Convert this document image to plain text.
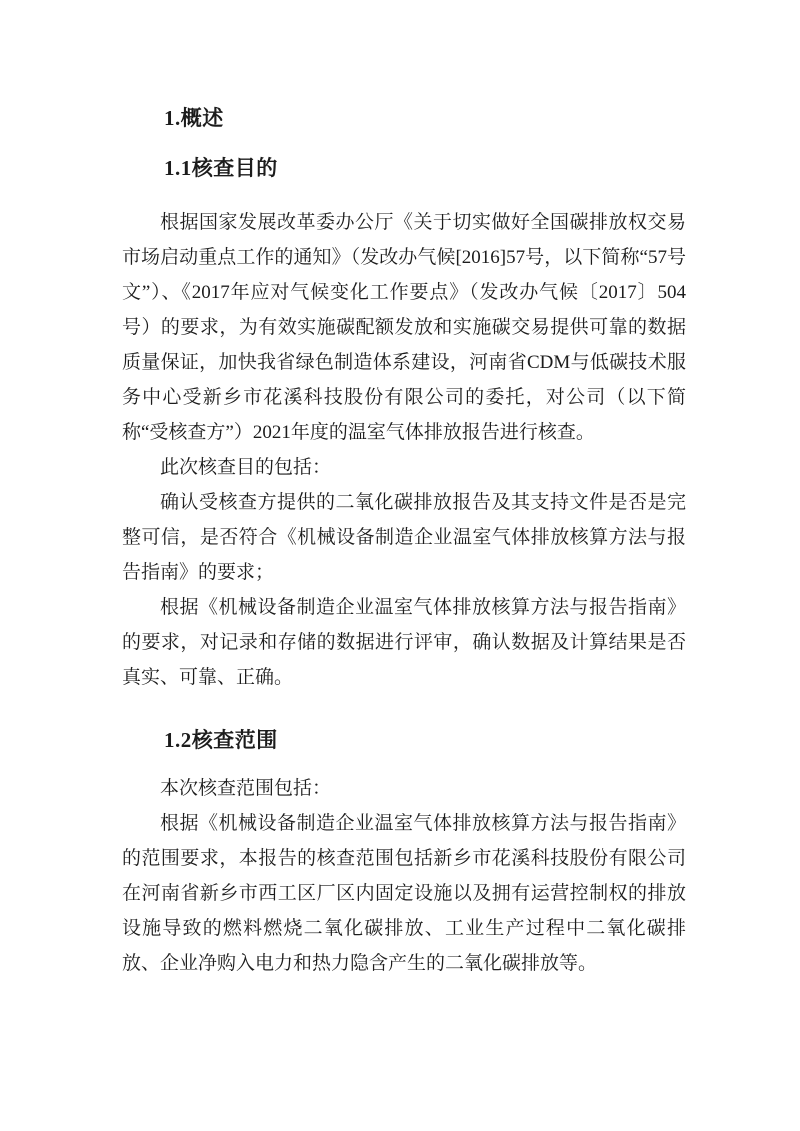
1.概述
1.1核查目的

根据国家发展改革委办公厅《关于切实做好全国碳排放权交易市场启动重点工作的通知》（发改办气候[2016]57号，以下简称“57号文”）、《2017年应对气候变化工作要点》（发改办气候〔2017〕504号）的要求，为有效实施碳配额发放和实施碳交易提供可靠的数据质量保证，加快我省绿色制造体系建设，河南省CDM与低碳技术服务中心受新乡市花溪科技股份有限公司的委托，对公司（以下简称“受核查方”）2021年度的温室气体排放报告进行核查。

此次核查目的包括：

确认受核查方提供的二氧化碳排放报告及其支持文件是否是完整可信，是否符合《机械设备制造企业温室气体排放核算方法与报告指南》的要求；

根据《机械设备制造企业温室气体排放核算方法与报告指南》的要求，对记录和存储的数据进行评审，确认数据及计算结果是否真实、可靠、正确。

1.2核查范围

本次核查范围包括：

根据《机械设备制造企业温室气体排放核算方法与报告指南》的范围要求，本报告的核查范围包括新乡市花溪科技股份有限公司在河南省新乡市西工区厂区内固定设施以及拥有运营控制权的排放设施导致的燃料燃烧二氧化碳排放、工业生产过程中二氧化碳排放、企业净购入电力和热力隐含产生的二氧化碳排放等。
